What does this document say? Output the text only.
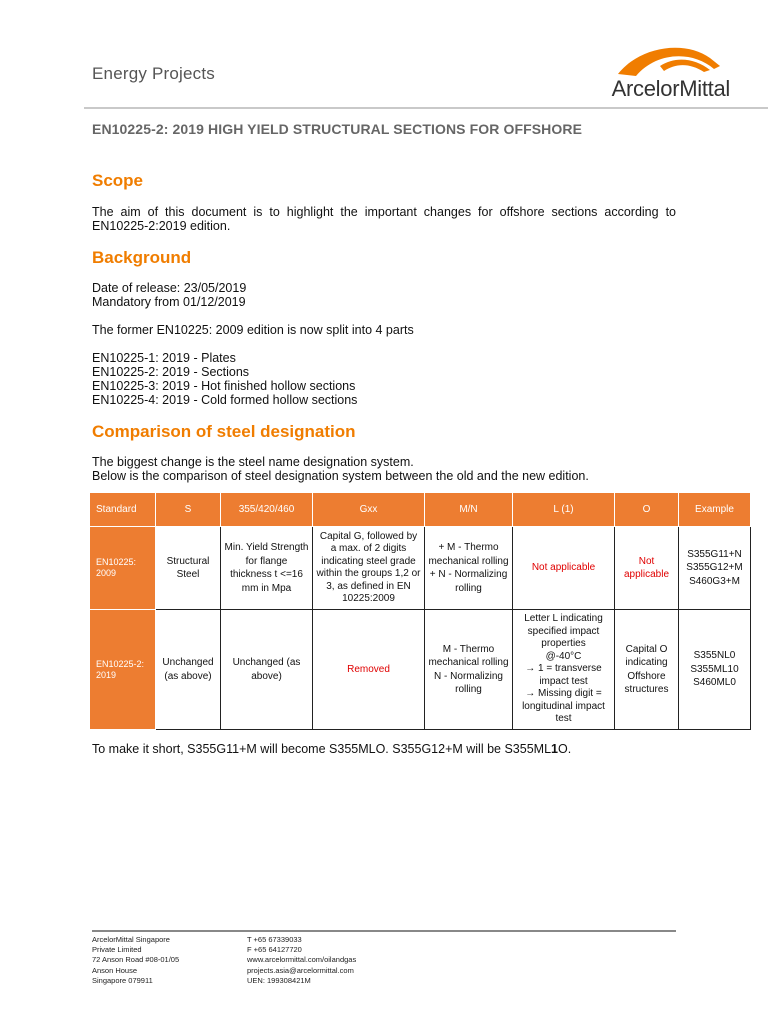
Energy Projects
ArcelorMittal
EN10225-2: 2019 HIGH YIELD STRUCTURAL SECTIONS FOR OFFSHORE
Scope
The aim of this document is to highlight the important changes for offshore sections according to EN10225-2:2019 edition.
Background
Date of release: 23/05/2019
Mandatory from 01/12/2019
The former EN10225: 2009 edition is now split into 4 parts
EN10225-1: 2019 - Plates
EN10225-2: 2019 - Sections
EN10225-3: 2019 - Hot finished hollow sections
EN10225-4: 2019 - Cold formed hollow sections
Comparison of steel designation
The biggest change is the steel name designation system.
Below is the comparison of steel designation system between the old and the new edition.
Standard	S	355/420/460	Gxx	M/N	L (1)	O	Example
EN10225: 2009	Structural Steel	Min. Yield Strength for flange thickness t <=16 mm in Mpa	Capital G, followed by a max. of 2 digits indicating steel grade within the groups 1,2 or 3, as defined in EN 10225:2009	+ M - Thermo mechanical rolling + N - Normalizing rolling	Not applicable	Not applicable	S355G11+N S355G12+M S460G3+M
EN10225-2: 2019	Unchanged (as above)	Unchanged (as above)	Removed	M - Thermo mechanical rolling N - Normalizing rolling	Letter L indicating specified impact properties
@-40°C
→ 1 = transverse impact test
→ Missing digit = longitudinal impact test	Capital O indicating Offshore structures	S355NL0 S355ML10 S460ML0
To make it short, S355G11+M will become S355MLO. S355G12+M will be S355ML1O.
ArcelorMittal Singapore
Private Limited
72 Anson Road #08-01/05
Anson House
Singapore 079911
T +65 67339033
F +65 64127720
www.arcelormittal.com/oilandgas
projects.asia@arcelormittal.com
UEN: 199308421M
